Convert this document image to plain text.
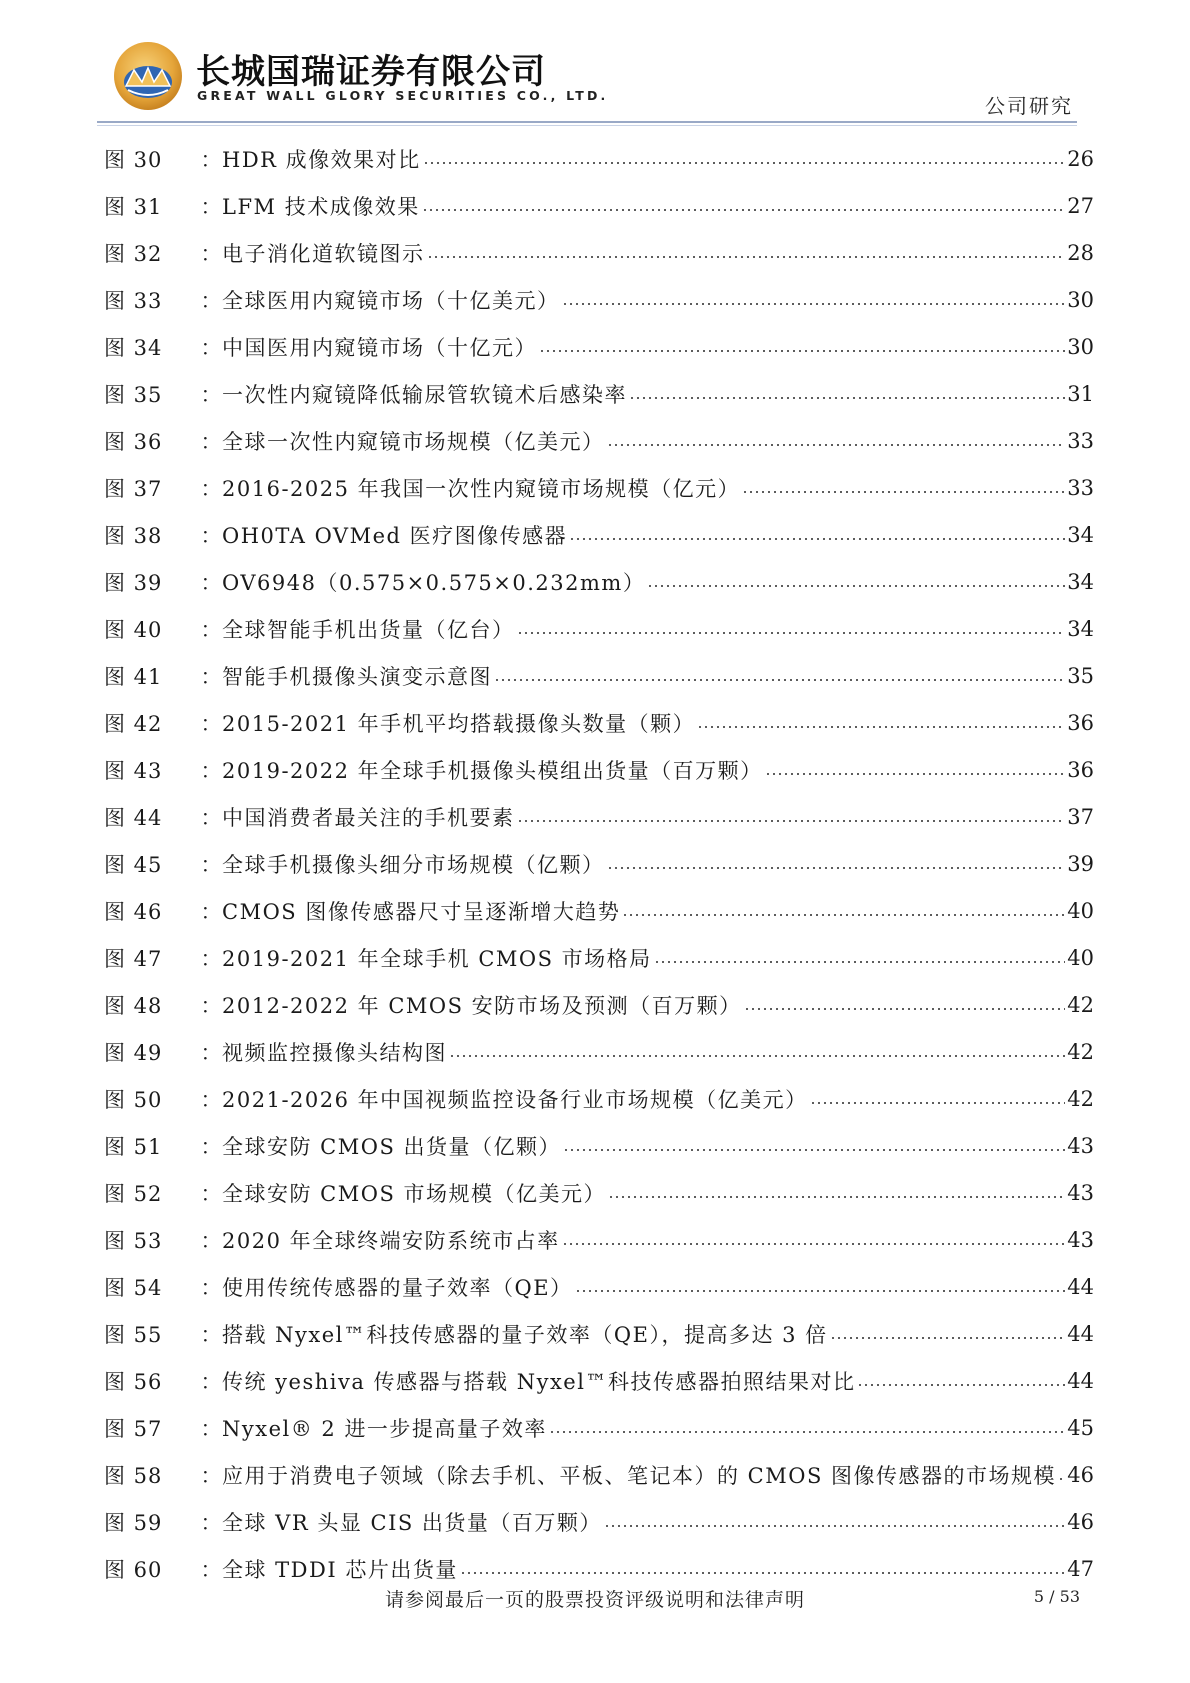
长城国瑞证券有限公司
GREAT WALL GLORY SECURITIES CO., LTD.	公司研究
图 30	： HDR 成像效果对比	26
图 31	： LFM 技术成像效果	27
图 32	： 电子消化道软镜图示	28
图 33	： 全球医用内窥镜市场（十亿美元）	30
图 34	： 中国医用内窥镜市场（十亿元）	30
图 35	： 一次性内窥镜降低输尿管软镜术后感染率	31
图 36	： 全球一次性内窥镜市场规模（亿美元）	33
图 37	： 2016-2025 年我国一次性内窥镜市场规模（亿元）	33
图 38	： OH0TA OVMed 医疗图像传感器	34
图 39	： OV6948（0.575×0.575×0.232mm）	34
图 40	： 全球智能手机出货量（亿台）	34
图 41	： 智能手机摄像头演变示意图	35
图 42	： 2015-2021 年手机平均搭载摄像头数量（颗）	36
图 43	： 2019-2022 年全球手机摄像头模组出货量（百万颗）	36
图 44	： 中国消费者最关注的手机要素	37
图 45	： 全球手机摄像头细分市场规模（亿颗）	39
图 46	： CMOS 图像传感器尺寸呈逐渐增大趋势	40
图 47	： 2019-2021 年全球手机 CMOS 市场格局	40
图 48	： 2012-2022 年 CMOS 安防市场及预测（百万颗）	42
图 49	： 视频监控摄像头结构图	42
图 50	： 2021-2026 年中国视频监控设备行业市场规模（亿美元）	42
图 51	： 全球安防 CMOS 出货量（亿颗）	43
图 52	： 全球安防 CMOS 市场规模（亿美元）	43
图 53	： 2020 年全球终端安防系统市占率	43
图 54	： 使用传统传感器的量子效率（QE）	44
图 55	： 搭载 Nyxel™科技传感器的量子效率（QE），提高多达 3 倍	44
图 56	： 传统 yeshiva 传感器与搭载 Nyxel™科技传感器拍照结果对比	44
图 57	： Nyxel® 2 进一步提高量子效率	45
图 58	： 应用于消费电子领域（除去手机、平板、笔记本）的 CMOS 图像传感器的市场规模 46
图 59	： 全球 VR 头显 CIS 出货量（百万颗）	46
图 60	： 全球 TDDI 芯片出货量	47
请参阅最后一页的股票投资评级说明和法律声明	5 / 53
